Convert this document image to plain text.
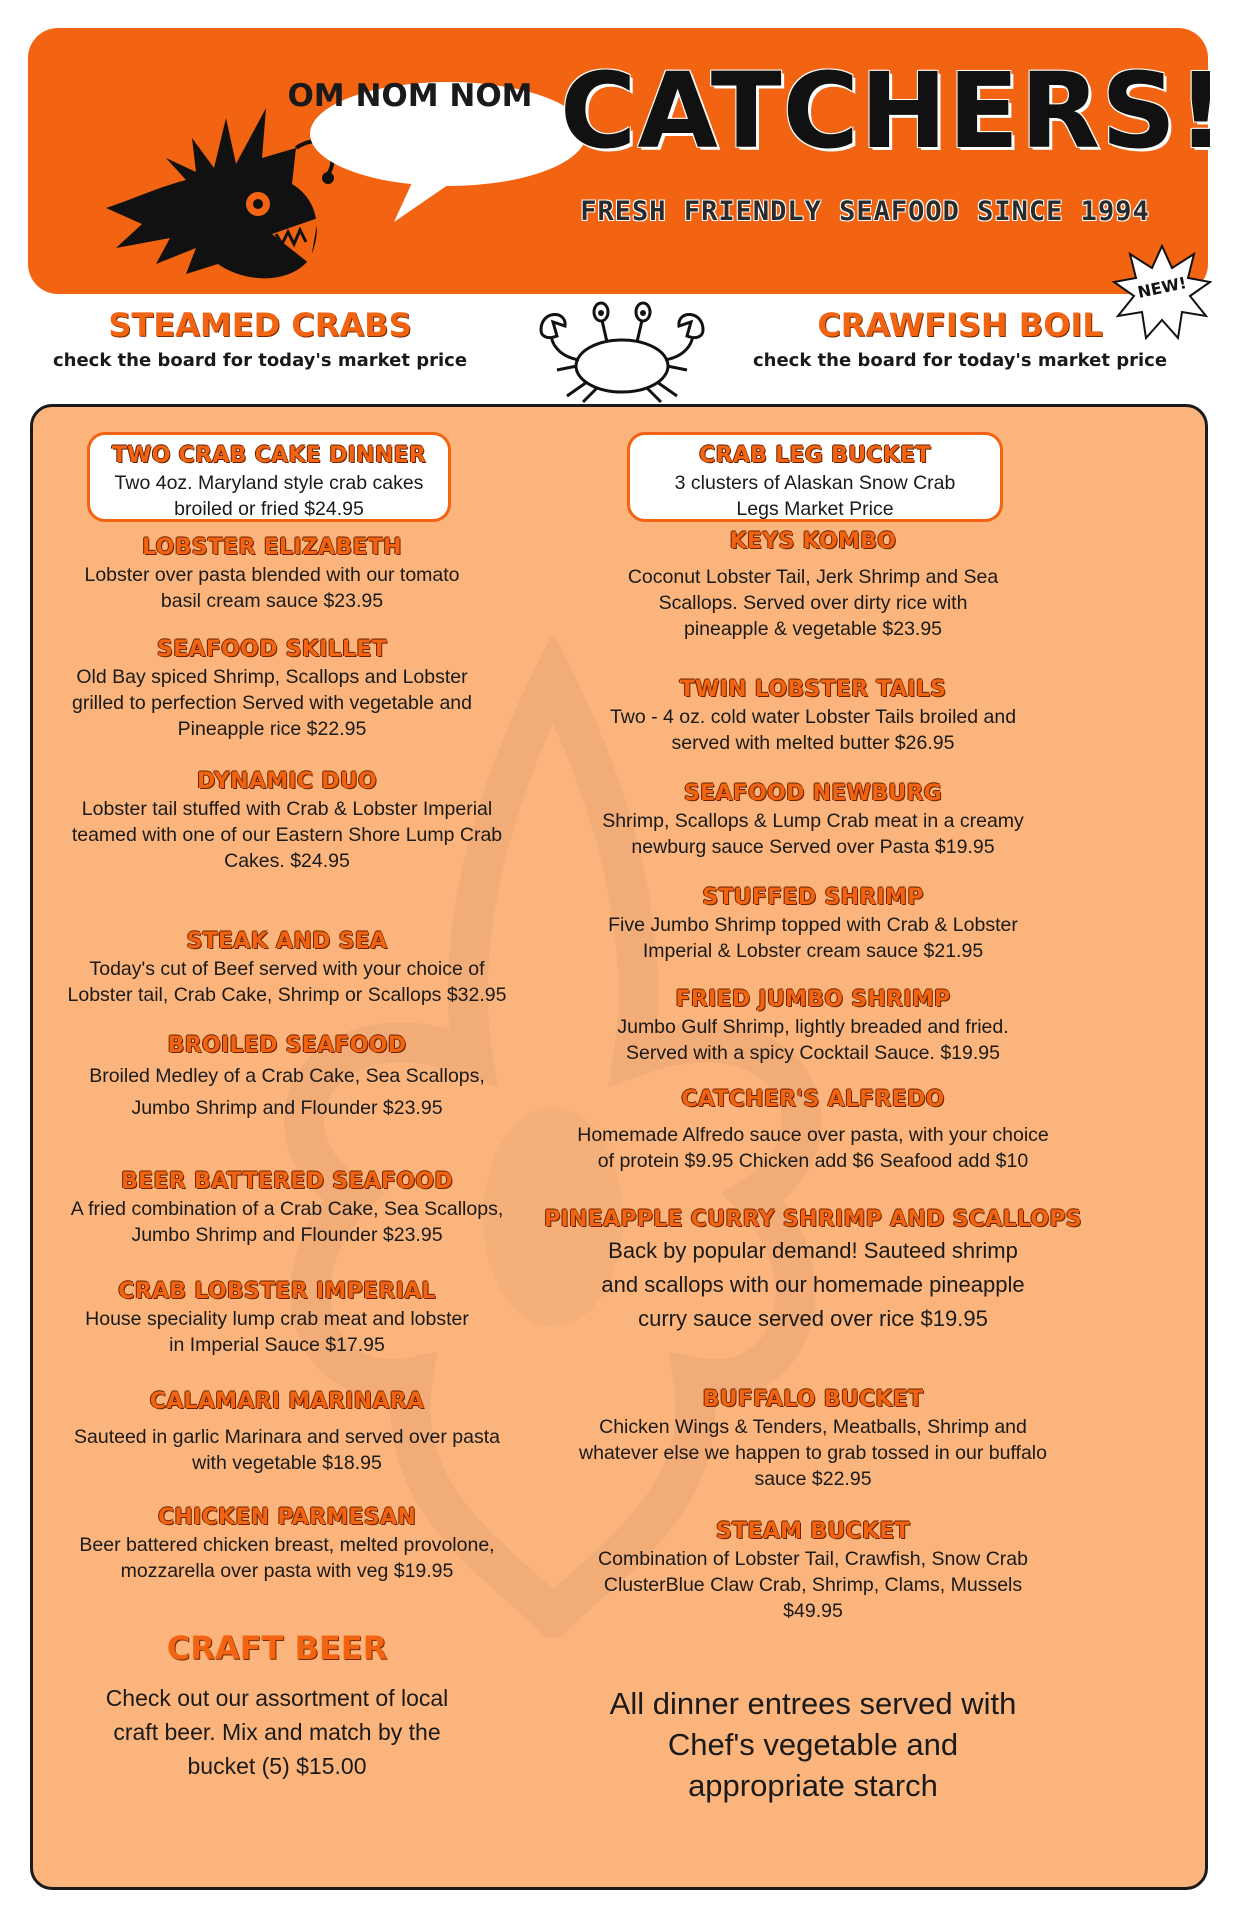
OM NOM NOM CATCHERS!
FRESH FRIENDLY SEAFOOD SINCE 1994
STEAMED CRABS
check the board for today's market price
CRAWFISH BOIL
check the board for today's market price
NEW!
TWO CRAB CAKE DINNER
Two 4oz. Maryland style crab cakes broiled or fried $24.95
LOBSTER ELIZABETH
Lobster over pasta blended with our tomato basil cream sauce $23.95
SEAFOOD SKILLET
Old Bay spiced Shrimp, Scallops and Lobster grilled to perfection Served with vegetable and Pineapple rice $22.95
DYNAMIC DUO
Lobster tail stuffed with Crab & Lobster Imperial teamed with one of our Eastern Shore Lump Crab Cakes. $24.95
STEAK AND SEA
Today's cut of Beef served with your choice of Lobster tail, Crab Cake, Shrimp or Scallops $32.95
BROILED SEAFOOD
Broiled Medley of a Crab Cake, Sea Scallops, Jumbo Shrimp and Flounder $23.95
BEER BATTERED SEAFOOD
A fried combination of a Crab Cake, Sea Scallops, Jumbo Shrimp and Flounder $23.95
CRAB LOBSTER IMPERIAL
House speciality lump crab meat and lobster in Imperial Sauce $17.95
CALAMARI MARINARA
Sauteed in garlic Marinara and served over pasta with vegetable $18.95
CHICKEN PARMESAN
Beer battered chicken breast, melted provolone, mozzarella over pasta with veg $19.95
CRAFT BEER
Check out our assortment of local craft beer. Mix and match by the bucket (5) $15.00
CRAB LEG BUCKET
3 clusters of Alaskan Snow Crab Legs Market Price
KEYS KOMBO
Coconut Lobster Tail, Jerk Shrimp and Sea Scallops. Served over dirty rice with pineapple & vegetable $23.95
TWIN LOBSTER TAILS
Two - 4 oz. cold water Lobster Tails broiled and served with melted butter $26.95
SEAFOOD NEWBURG
Shrimp, Scallops & Lump Crab meat in a creamy newburg sauce Served over Pasta $19.95
STUFFED SHRIMP
Five Jumbo Shrimp topped with Crab & Lobster Imperial & Lobster cream sauce $21.95
FRIED JUMBO SHRIMP
Jumbo Gulf Shrimp, lightly breaded and fried. Served with a spicy Cocktail Sauce. $19.95
CATCHER'S ALFREDO
Homemade Alfredo sauce over pasta, with your choice of protein $9.95 Chicken add $6 Seafood add $10
PINEAPPLE CURRY SHRIMP AND SCALLOPS
Back by popular demand! Sauteed shrimp and scallops with our homemade pineapple curry sauce served over rice $19.95
BUFFALO BUCKET
Chicken Wings & Tenders, Meatballs, Shrimp and whatever else we happen to grab tossed in our buffalo sauce $22.95
STEAM BUCKET
Combination of Lobster Tail, Crawfish, Snow Crab ClusterBlue Claw Crab, Shrimp, Clams, Mussels $49.95
All dinner entrees served with Chef's vegetable and appropriate starch
